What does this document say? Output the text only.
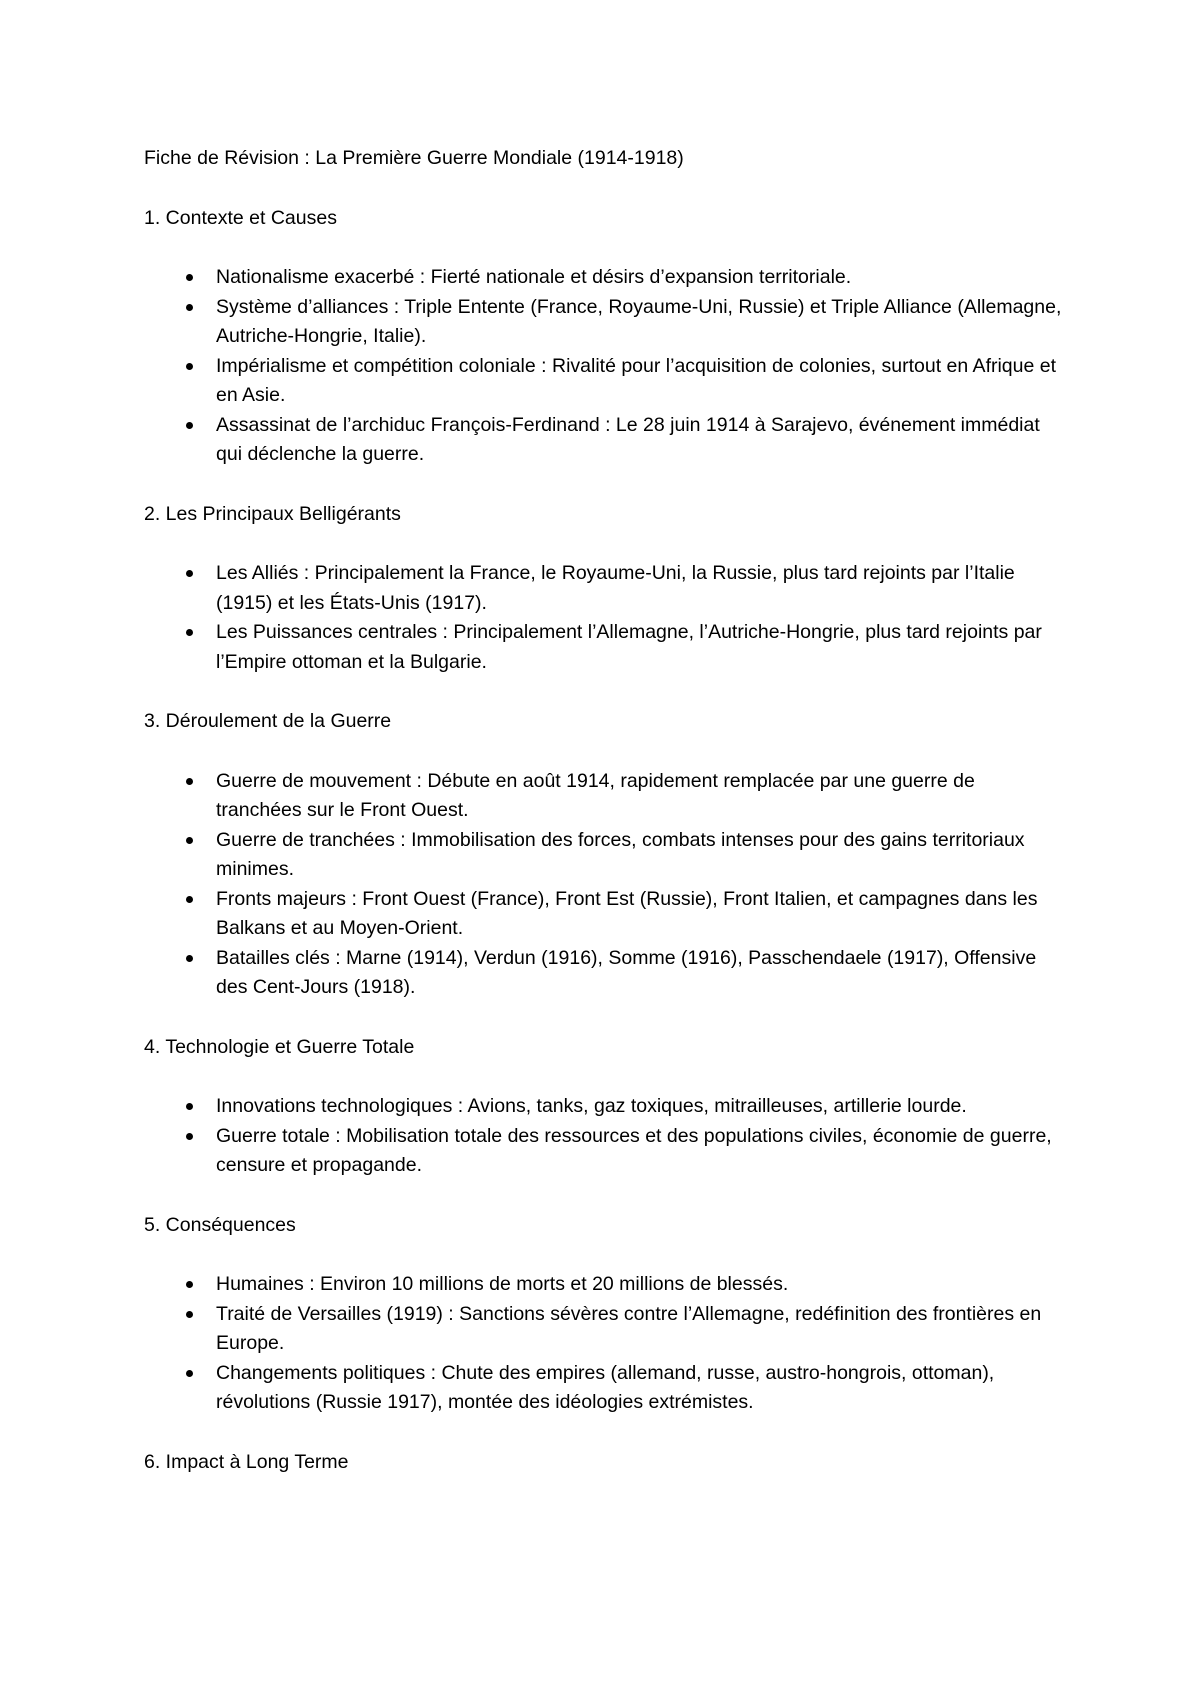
Fiche de Révision : La Première Guerre Mondiale (1914-1918)

1. Contexte et Causes

Nationalisme exacerbé : Fierté nationale et désirs d’expansion territoriale.
Système d’alliances : Triple Entente (France, Royaume-Uni, Russie) et Triple Alliance (Allemagne, Autriche-Hongrie, Italie).
Impérialisme et compétition coloniale : Rivalité pour l’acquisition de colonies, surtout en Afrique et en Asie.
Assassinat de l’archiduc François-Ferdinand : Le 28 juin 1914 à Sarajevo, événement immédiat qui déclenche la guerre.

2. Les Principaux Belligérants

Les Alliés : Principalement la France, le Royaume-Uni, la Russie, plus tard rejoints par l’Italie (1915) et les États-Unis (1917).
Les Puissances centrales : Principalement l’Allemagne, l’Autriche-Hongrie, plus tard rejoints par l’Empire ottoman et la Bulgarie.

3. Déroulement de la Guerre

Guerre de mouvement : Débute en août 1914, rapidement remplacée par une guerre de tranchées sur le Front Ouest.
Guerre de tranchées : Immobilisation des forces, combats intenses pour des gains territoriaux minimes.
Fronts majeurs : Front Ouest (France), Front Est (Russie), Front Italien, et campagnes dans les Balkans et au Moyen-Orient.
Batailles clés : Marne (1914), Verdun (1916), Somme (1916), Passchendaele (1917), Offensive des Cent-Jours (1918).

4. Technologie et Guerre Totale

Innovations technologiques : Avions, tanks, gaz toxiques, mitrailleuses, artillerie lourde.
Guerre totale : Mobilisation totale des ressources et des populations civiles, économie de guerre, censure et propagande.

5. Conséquences

Humaines : Environ 10 millions de morts et 20 millions de blessés.
Traité de Versailles (1919) : Sanctions sévères contre l’Allemagne, redéfinition des frontières en Europe.
Changements politiques : Chute des empires (allemand, russe, austro-hongrois, ottoman), révolutions (Russie 1917), montée des idéologies extrémistes.

6. Impact à Long Terme
